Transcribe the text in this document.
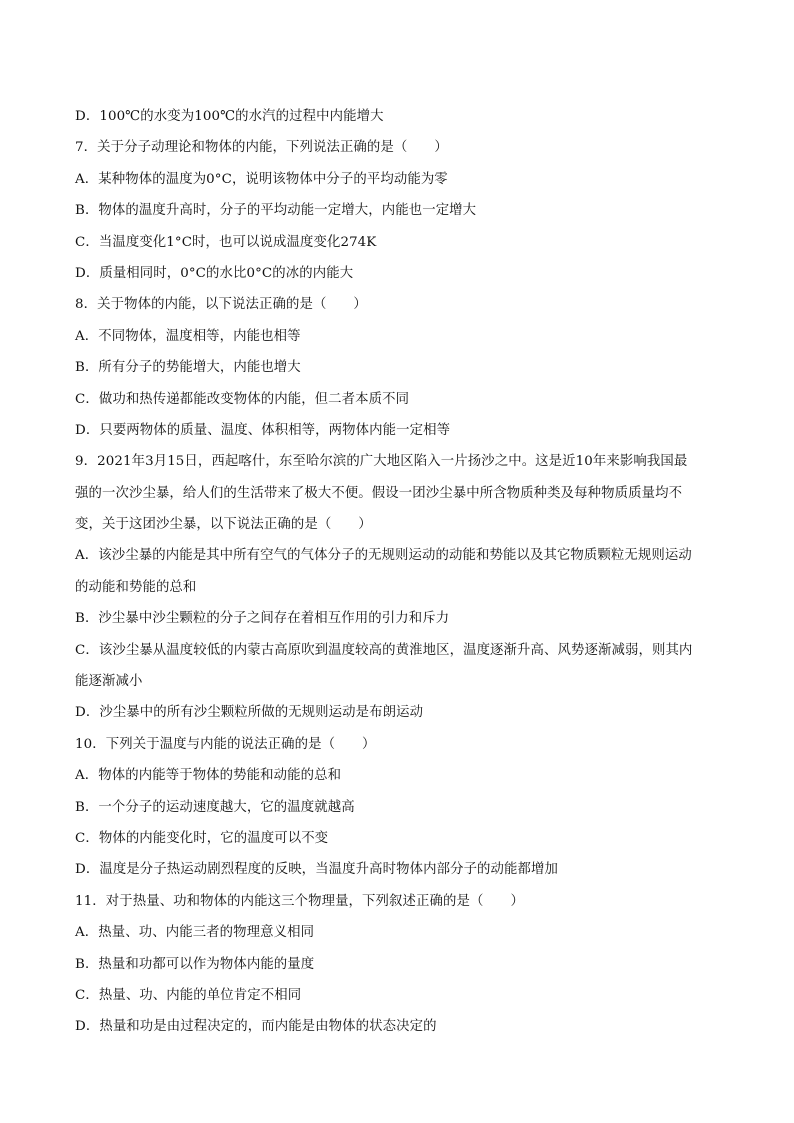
D．100℃的水变为100℃的水汽的过程中内能增大
7．关于分子动理论和物体的内能，下列说法正确的是（　　）
A．某种物体的温度为0°C，说明该物体中分子的平均动能为零
B．物体的温度升高时，分子的平均动能一定增大，内能也一定增大
C．当温度变化1°C时，也可以说成温度变化274K
D．质量相同时，0°C的水比0°C的冰的内能大
8．关于物体的内能，以下说法正确的是（　　）
A．不同物体，温度相等，内能也相等
B．所有分子的势能增大，内能也增大
C．做功和热传递都能改变物体的内能，但二者本质不同
D．只要两物体的质量、温度、体积相等，两物体内能一定相等
9．2021年3月15日，西起喀什，东至哈尔滨的广大地区陷入一片扬沙之中。这是近10年来影响我国最
强的一次沙尘暴，给人们的生活带来了极大不便。假设一团沙尘暴中所含物质种类及每种物质质量均不
变，关于这团沙尘暴，以下说法正确的是（　　）
A．该沙尘暴的内能是其中所有空气的气体分子的无规则运动的动能和势能以及其它物质颗粒无规则运动
的动能和势能的总和
B．沙尘暴中沙尘颗粒的分子之间存在着相互作用的引力和斥力
C．该沙尘暴从温度较低的内蒙古高原吹到温度较高的黄淮地区，温度逐渐升高、风势逐渐减弱，则其内
能逐渐减小
D．沙尘暴中的所有沙尘颗粒所做的无规则运动是布朗运动
10．下列关于温度与内能的说法正确的是（　　）
A．物体的内能等于物体的势能和动能的总和
B．一个分子的运动速度越大，它的温度就越高
C．物体的内能变化时，它的温度可以不变
D．温度是分子热运动剧烈程度的反映，当温度升高时物体内部分子的动能都增加
11．对于热量、功和物体的内能这三个物理量，下列叙述正确的是（　　）
A．热量、功、内能三者的物理意义相同
B．热量和功都可以作为物体内能的量度
C．热量、功、内能的单位肯定不相同
D．热量和功是由过程决定的，而内能是由物体的状态决定的
